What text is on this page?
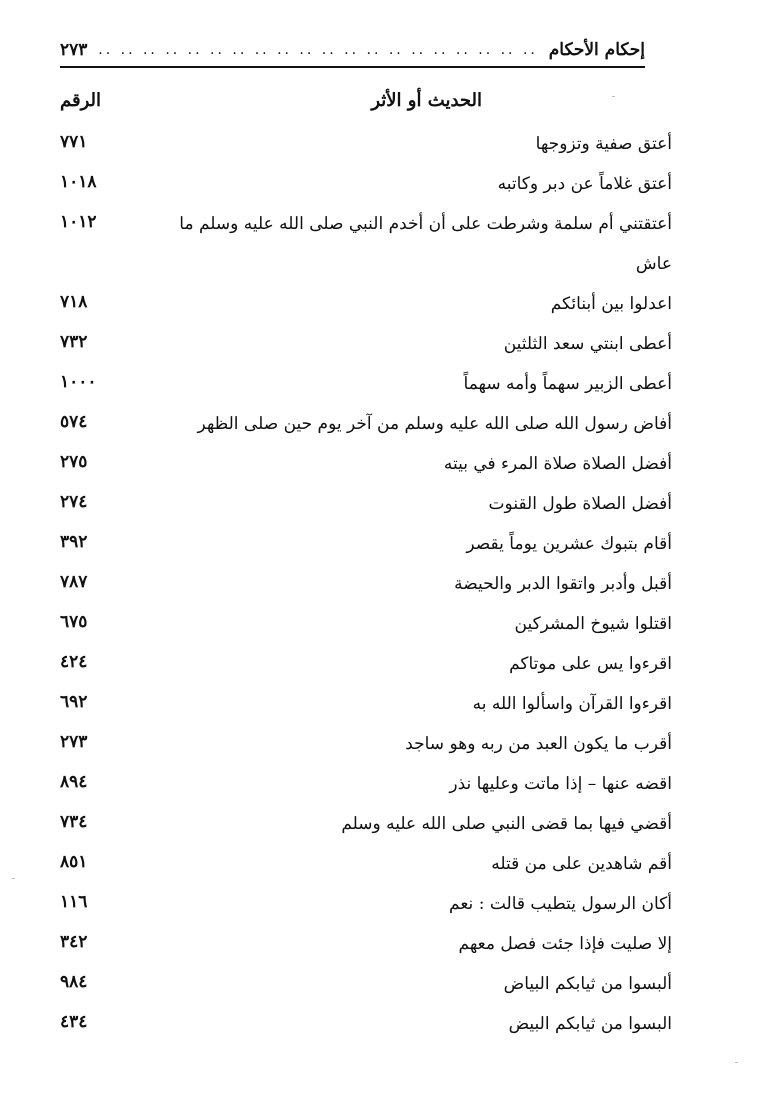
إحكام الأحكام
.. .. .. .. .. .. .. .. .. .. .. .. .. .. .. .. .. .. .. ..
٢٧٣
الحديث أو الأثر
الرقم
أعتق صفية وتزوجها
٧٧١
أعتق غلاماً عن دبر وكاتبه
١٠١٨
أعتقتني أم سلمة وشرطت على أن أخدم النبي صلى الله عليه وسلم ما عاش
١٠١٢
اعدلوا بين أبنائكم
٧١٨
أعطى ابنتي سعد الثلثين
٧٣٢
أعطى الزبير سهماً وأمه سهماً
١٠٠٠
أفاض رسول الله صلى الله عليه وسلم من آخر يوم حين صلى الظهر
٥٧٤
أفضل الصلاة صلاة المرء في بيته
٢٧٥
أفضل الصلاة طول القنوت
٢٧٤
أقام بتبوك عشرين يوماً يقصر
٣٩٢
أقبل وأدبر واتقوا الدبر والحيضة
٧٨٧
اقتلوا شيوخ المشركين
٦٧٥
اقرءوا يس على موتاكم
٤٢٤
اقرءوا القرآن واسألوا الله به
٦٩٢
أقرب ما يكون العبد من ربه وهو ساجد
٢٧٣
اقضه عنها – إذا ماتت وعليها نذر
٨٩٤
أقضي فيها بما قضى النبي صلى الله عليه وسلم
٧٣٤
أقم شاهدين على من قتله
٨٥١
أكان الرسول يتطيب قالت : نعم
١١٦
إلا صليت فإذا جئت فصل معهم
٣٤٢
ألبسوا من ثيابكم البياض
٩٨٤
البسوا من ثيابكم البيض
٤٣٤
